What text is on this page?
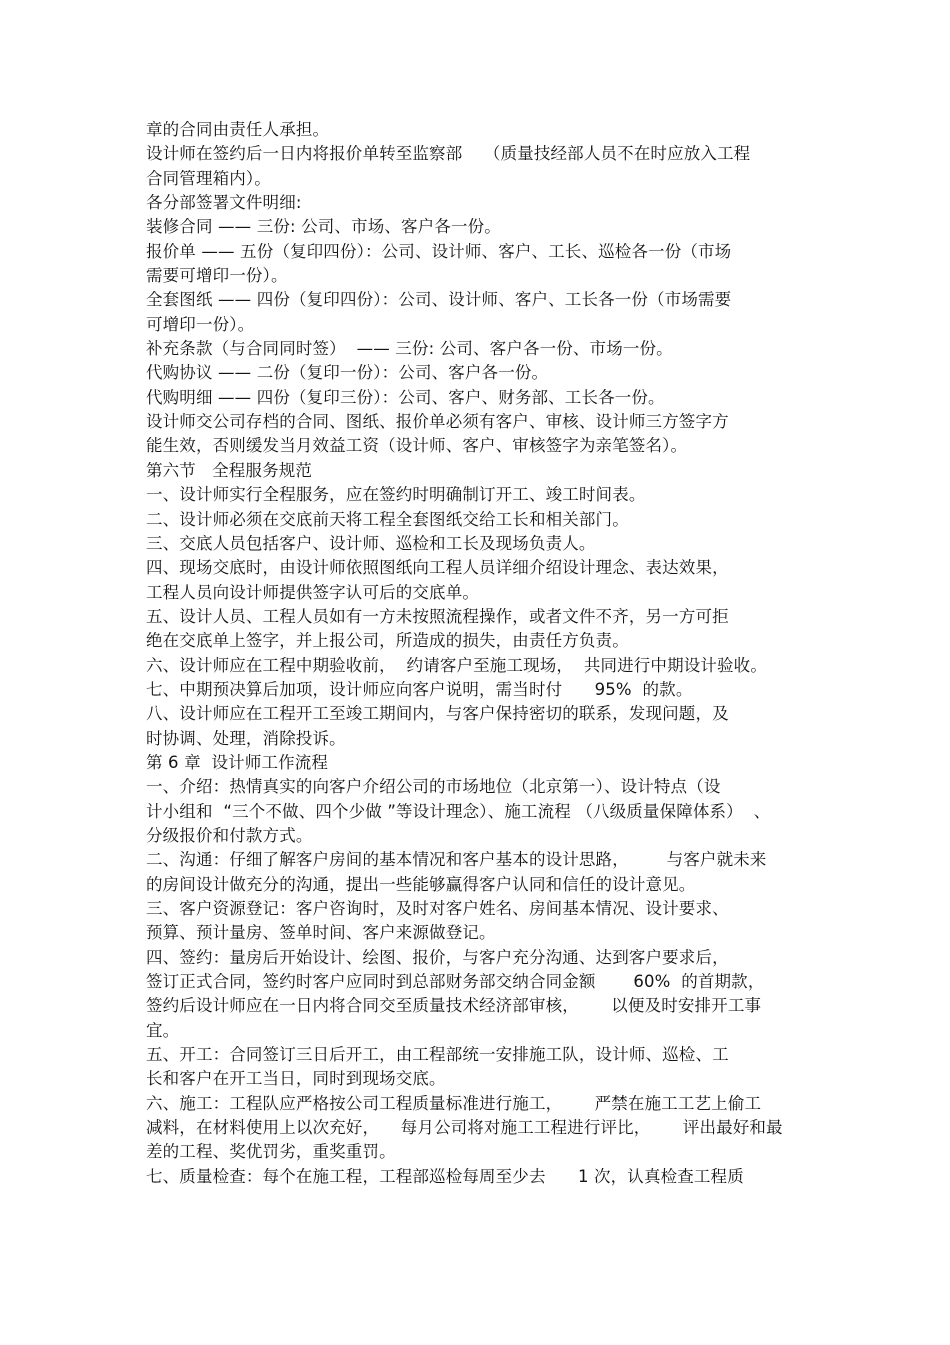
章的合同由责任人承担。
设计师在签约后一日内将报价单转至监察部    （质量技经部人员不在时应放入工程
合同管理箱内）。
各分部签署文件明细:
装修合同 —— 三份: 公司、市场、客户各一份。
报价单 —— 五份（复印四份）：公司、设计师、客户、工长、巡检各一份（市场
需要可增印一份）。
全套图纸 —— 四份（复印四份）：公司、设计师、客户、工长各一份（市场需要
可增印一份）。
补充条款（与合同同时签）  —— 三份: 公司、客户各一份、市场一份。
代购协议 —— 二份（复印一份）：公司、客户各一份。
代购明细 —— 四份（复印三份）：公司、客户、财务部、工长各一份。
设计师交公司存档的合同、图纸、报价单必须有客户、审核、设计师三方签字方
能生效，否则缓发当月效益工资（设计师、客户、审核签字为亲笔签名）。
第六节   全程服务规范
一、设计师实行全程服务，应在签约时明确制订开工、竣工时间表。
二、设计师必须在交底前天将工程全套图纸交给工长和相关部门。
三、交底人员包括客户、设计师、巡检和工长及现场负责人。
四、现场交底时，由设计师依照图纸向工程人员详细介绍设计理念、表达效果，
工程人员向设计师提供签字认可后的交底单。
五、设计人员、工程人员如有一方未按照流程操作，或者文件不齐，另一方可拒
绝在交底单上签字，并上报公司，所造成的损失，由责任方负责。
六、设计师应在工程中期验收前，  约请客户至施工现场，  共同进行中期设计验收。
七、中期预决算后加项，设计师应向客户说明，需当时付      95%  的款。
八、设计师应在工程开工至竣工期间内，与客户保持密切的联系，发现问题，及
时协调、处理，消除投诉。
第 6 章  设计师工作流程
一、介绍：热情真实的向客户介绍公司的市场地位（北京第一）、设计特点（设
计小组和  “三个不做、四个少做 ”等设计理念）、施工流程 （八级质量保障体系）  、
分级报价和付款方式。
二、沟通：仔细了解客户房间的基本情况和客户基本的设计思路，       与客户就未来
的房间设计做充分的沟通，提出一些能够赢得客户认同和信任的设计意见。
三、客户资源登记：客户咨询时，及时对客户姓名、房间基本情况、设计要求、
预算、预计量房、签单时间、客户来源做登记。
四、签约：量房后开始设计、绘图、报价，与客户充分沟通、达到客户要求后，
签订正式合同，签约时客户应同时到总部财务部交纳合同金额       60%  的首期款，
签约后设计师应在一日内将合同交至质量技术经济部审核，      以便及时安排开工事
宜。
五、开工：合同签订三日后开工，由工程部统一安排施工队，设计师、巡检、工
长和客户在开工当日，同时到现场交底。
六、施工：工程队应严格按公司工程质量标准进行施工，      严禁在施工工艺上偷工
减料，在材料使用上以次充好，    每月公司将对施工工程进行评比，      评出最好和最
差的工程、奖优罚劣，重奖重罚。
七、质量检查：每个在施工程，工程部巡检每周至少去      1 次，认真检查工程质
